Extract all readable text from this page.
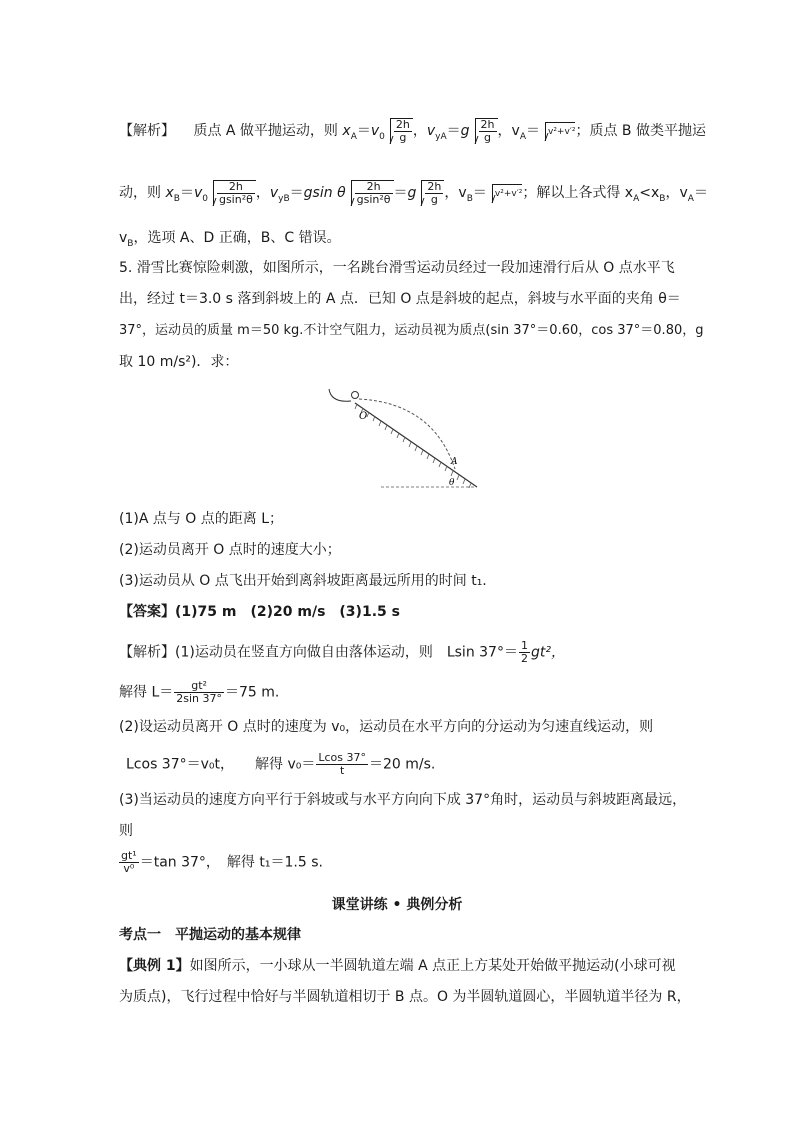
【解析】 质点 A 做平抛运动，则 $x_A=v_0 \frac{2h}{g}$ ，$v_{yA}=g \frac{2h}{g}$ ，$v_A= v^2+v'^2$；质点 B 做类平抛运
动，则 $x_B=v_0 \frac{2h}{\text{gsin²θ}}$ ，$v_{yB}=gsin$ θ $\frac{2h}{\text{gsin²θ}} =g \frac{2h}{g}$ ，$v_B= v^2+v'^2$；解以上各式得 $x_A<x_B$，$v_A=$
$v_B$，选项 A、D 正确，B、C 错误。
5. 滑雪比赛惊险刺激，如图所示，一名跳台滑雪运动员经过一段加速滑行后从 O 点水平飞
出，经过 t＝3.0 s 落到斜坡上的 A 点．已知 O 点是斜坡的起点，斜坡与水平面的夹角 θ＝
37°，运动员的质量 m＝50 kg.不计空气阻力，运动员视为质点(sin 37°＝0.60，cos 37°＝0.80，g
取 10 m/s²)．求：
O
A
θ
(1)A 点与 O 点的距离 L；
(2)运动员离开 O 点时的速度大小；
(3)运动员从 O 点飞出开始到离斜坡距离最远所用的时间 t₁.
【答案】(1)75 m　(2)20 m/s　(3)1.5 s
【解析】(1)运动员在竖直方向做自由落体运动，则　Lsin $37^\circ= \frac{1}{2} gt^2$，
解得 $L= \frac{\text{gt²}}{2\sin 37^\circ} =75$ m.
(2)设运动员离开 O 点时的速度为 v₀，运动员在水平方向的分运动为匀速直线运动，则
Lcos 37°＝v₀t，　　解得 $v_0= \frac{Lcos 37^\circ}{t} =20$ m/s.
(3)当运动员的速度方向平行于斜坡或与水平方向向下成 37°角时，运动员与斜坡距离最远，
则
$\frac{\text{gt¹}}{\text{v⁰}} =\tan$ 37°，　解得 t₁＝1.5 s.
课堂讲练 • 典例分析
考点一　平抛运动的基本规律
【典例 1】如图所示，一小球从一半圆轨道左端 A 点正上方某处开始做平抛运动(小球可视
为质点)，飞行过程中恰好与半圆轨道相切于 B 点。O 为半圆轨道圆心，半圆轨道半径为 R，
